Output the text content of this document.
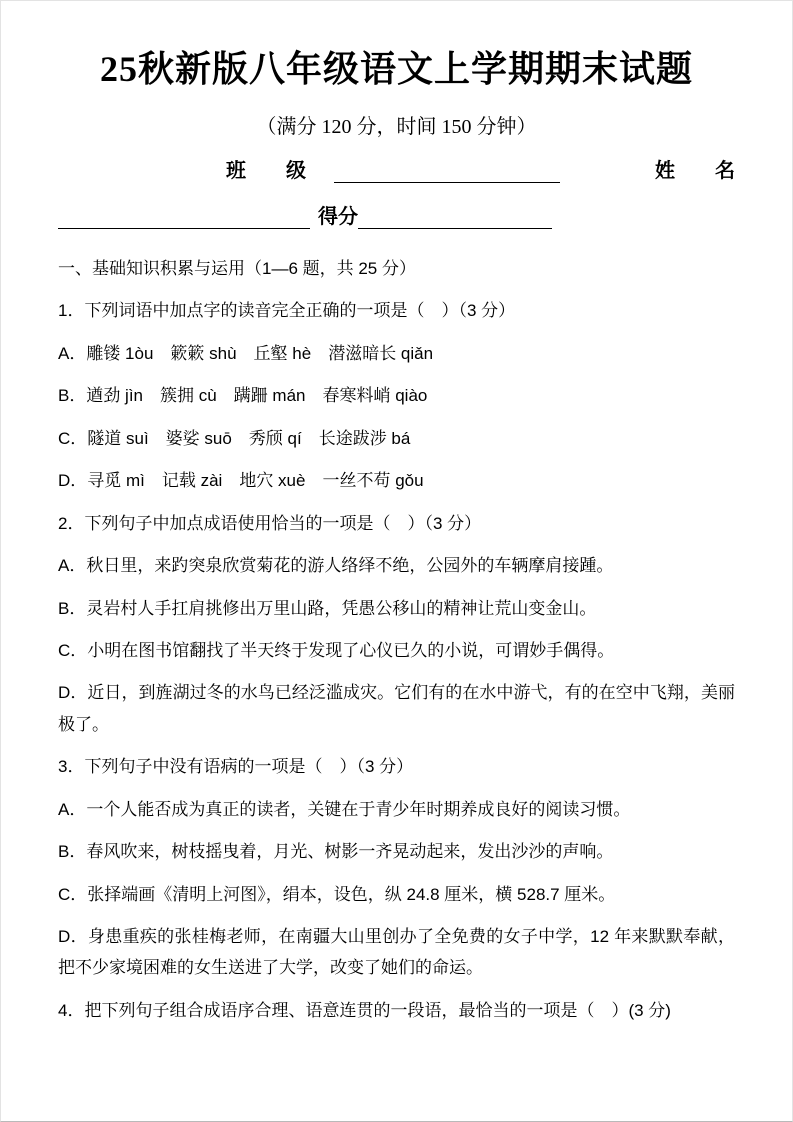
25秋新版八年级语文上学期期末试题
（满分 120 分，时间 150 分钟）
班　　级	姓　　名
得分

一、基础知识积累与运用（1—6 题，共 25 分）

1．下列词语中加点字的读音完全正确的一项是（　）（3 分）

A．雕镂 1òu　簌簌 shù　丘壑 hè　潜滋暗长 qiǎn

B．遒劲 jìn　簇拥 cù　蹒跚 mán　春寒料峭 qiào

C．隧道 suì　婆娑 suō　秀颀 qí　长途跋涉 bá

D．寻觅 mì　记载 zài　地穴 xuè　一丝不苟 gǒu

2．下列句子中加点成语使用恰当的一项是（　）（3 分）

A．秋日里，来趵突泉欣赏菊花的游人络绎不绝，公园外的车辆摩肩接踵。

B．灵岩村人手扛肩挑修出万里山路，凭愚公移山的精神让荒山变金山。

C．小明在图书馆翻找了半天终于发现了心仪已久的小说，可谓妙手偶得。

D．近日，到旌湖过冬的水鸟已经泛滥成灾。它们有的在水中游弋，有的在空中飞翔，美丽极了。

3．下列句子中没有语病的一项是（　）（3 分）

A．一个人能否成为真正的读者，关键在于青少年时期养成良好的阅读习惯。

B．春风吹来，树枝摇曳着，月光、树影一齐晃动起来，发出沙沙的声响。

C．张择端画《清明上河图》，绢本，设色，纵 24.8 厘米，横 528.7 厘米。

D．身患重疾的张桂梅老师，在南疆大山里创办了全免费的女子中学，12 年来默默奉献，把不少家境困难的女生送进了大学，改变了她们的命运。

4．把下列句子组合成语序合理、语意连贯的一段语，最恰当的一项是（　）(3 分)
